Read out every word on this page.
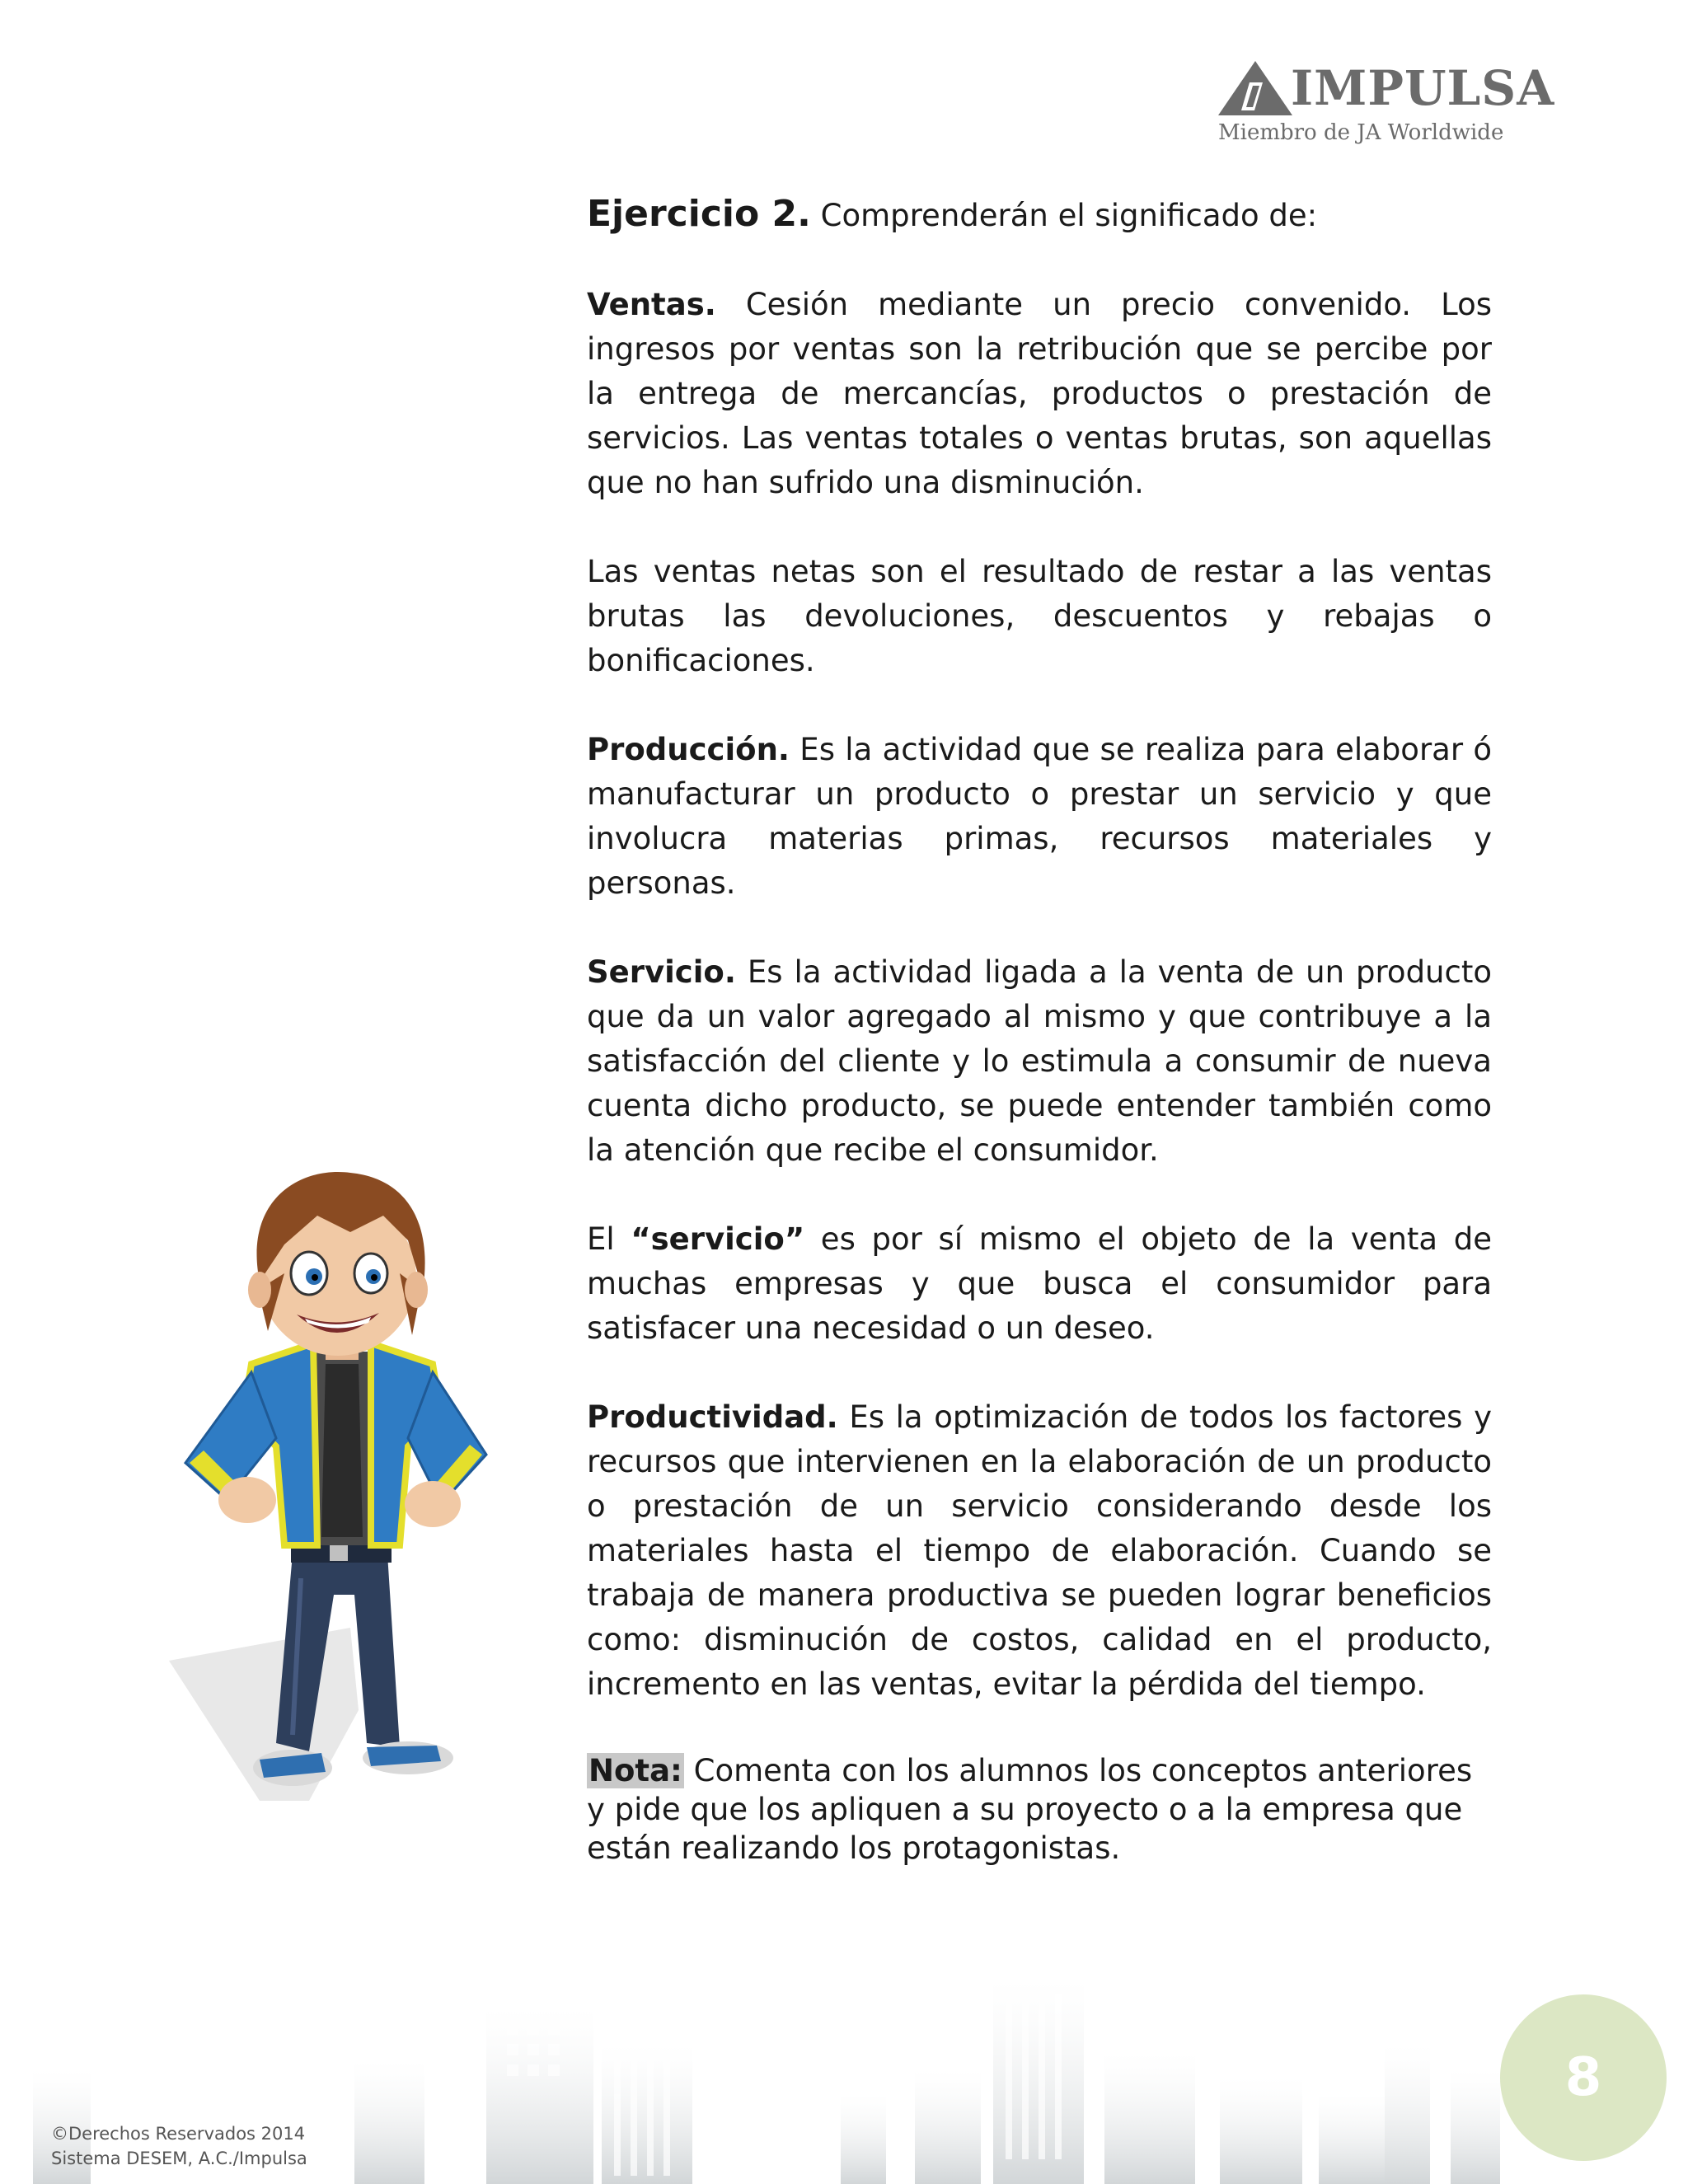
IMPULSA
Miembro de JA Worldwide

Ejercicio 2. Comprenderán el significado de:

Ventas. Cesión mediante un precio convenido. Los ingresos por ventas son la retribución que se percibe por la entrega de mercancías, productos o prestación de servicios. Las ventas totales o ventas brutas, son aquellas que no han sufrido una disminución.

Las ventas netas son el resultado de restar a las ventas brutas las devoluciones, descuentos y rebajas o bonificaciones.

Producción. Es la actividad que se realiza para elaborar ó manufacturar un producto o prestar un servicio y que involucra materias primas, recursos materiales y personas.

Servicio. Es la actividad ligada a la venta de un producto que da un valor agregado al mismo y que contribuye a la satisfacción del cliente y lo estimula a consumir de nueva cuenta dicho producto, se puede entender también como la atención que recibe el consumidor.

El “servicio” es por sí mismo el objeto de la venta de muchas empresas y que busca el consumidor para satisfacer una necesidad o un deseo.

Productividad. Es la optimización de todos los factores y recursos que intervienen en la elaboración de un producto o prestación de un servicio considerando desde los materiales hasta el tiempo de elaboración. Cuando se trabaja de manera productiva se pueden lograr beneficios como: disminución de costos, calidad en el producto, incremento en las ventas, evitar la pérdida del tiempo.

Nota: Comenta con los alumnos los conceptos anteriores y pide que los apliquen a su proyecto o a la empresa que están realizando los protagonistas.

©Derechos Reservados 2014
Sistema DESEM, A.C./Impulsa
8
